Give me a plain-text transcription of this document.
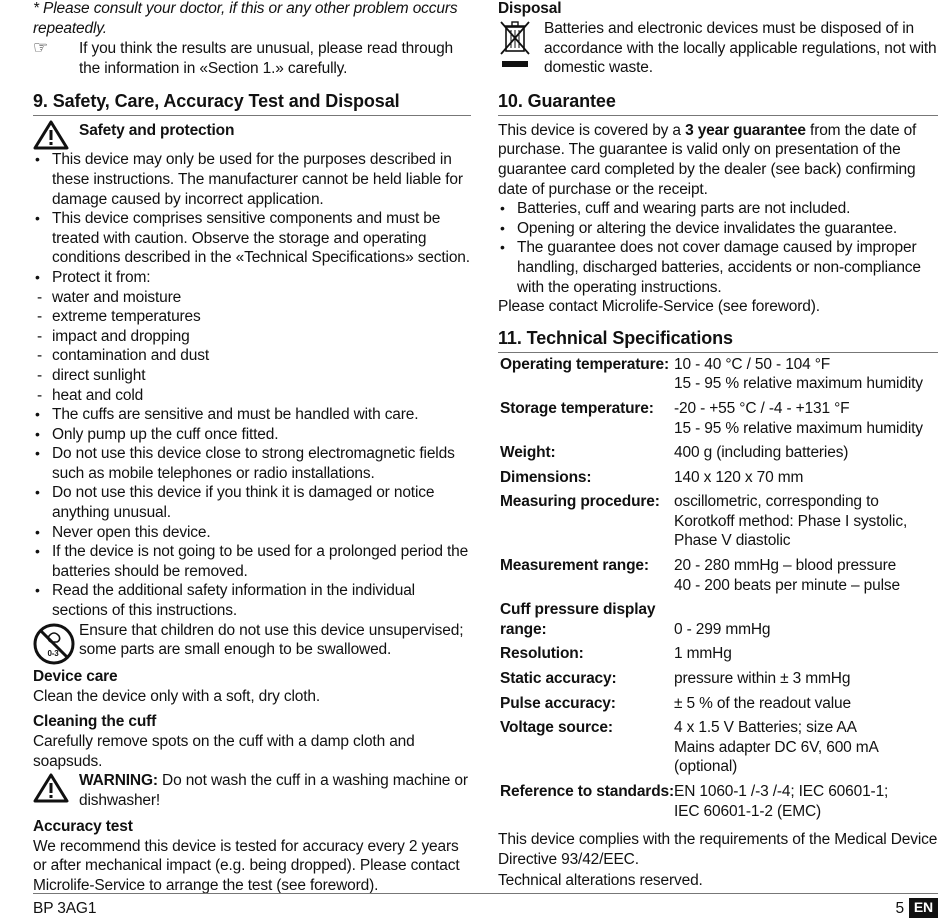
* Please consult your doctor, if this or any other problem occurs repeatedly.

☞ If you think the results are unusual, please read through the information in «Section 1.» carefully.
9. Safety, Care, Accuracy Test and Disposal
Safety and protection
• This device may only be used for the purposes described in these instructions. The manufacturer cannot be held liable for damage caused by incorrect application.
• This device comprises sensitive components and must be treated with caution. Observe the storage and operating conditions described in the «Technical Specifications» section.
• Protect it from:
- water and moisture
- extreme temperatures
- impact and dropping
- contamination and dust
- direct sunlight
- heat and cold
• The cuffs are sensitive and must be handled with care.
• Only pump up the cuff once fitted.
• Do not use this device close to strong electromagnetic fields such as mobile telephones or radio installations.
• Do not use this device if you think it is damaged or notice anything unusual.
• Never open this device.
• If the device is not going to be used for a prolonged period the batteries should be removed.
• Read the additional safety information in the individual sections of this instructions.
0-3
Ensure that children do not use this device unsupervised; some parts are small enough to be swallowed.
Device care

Clean the device only with a soft, dry cloth.

Cleaning the cuff

Carefully remove spots on the cuff with a damp cloth and soapsuds.

WARNING: Do not wash the cuff in a washing machine or dishwasher!
Accuracy test

We recommend this device is tested for accuracy every 2 years or after mechanical impact (e.g. being dropped). Please contact Microlife-Service to arrange the test (see foreword).

Disposal
Batteries and electronic devices must be disposed of in accordance with the locally applicable regulations, not with domestic waste.
10. Guarantee

This device is covered by a 3 year guarantee from the date of purchase. The guarantee is valid only on presentation of the guarantee card completed by the dealer (see back) confirming date of purchase or the receipt.

• Batteries, cuff and wearing parts are not included.
• Opening or altering the device invalidates the guarantee.
• The guarantee does not cover damage caused by improper handling, discharged batteries, accidents or non-compliance with the operating instructions.

Please contact Microlife-Service (see foreword).

11. Technical Specifications
Operating temperature:	10 - 40 °C / 50 - 104 °F
15 - 95 % relative maximum humidity

Storage temperature:	-20 - +55 °C / -4 - +131 °F
15 - 95 % relative maximum humidity

Weight:	400 g (including batteries)

Dimensions:	140 x 120 x 70 mm

Measuring procedure:	oscillometric, corresponding to Korotkoff method: Phase I systolic, Phase V diastolic

Measurement range:	20 - 280 mmHg – blood pressure
40 - 200 beats per minute – pulse

Cuff pressure display range:	0 - 299 mmHg

Resolution:	1 mmHg

Static accuracy:	pressure within ± 3 mmHg

Pulse accuracy:	± 5 % of the readout value

Voltage source:	4 x 1.5 V Batteries; size AA
Mains adapter DC 6V, 600 mA (optional)

Reference to standards:	EN 1060-1 /-3 /-4; IEC 60601-1;
IEC 60601-1-2 (EMC)

This device complies with the requirements of the Medical Device Directive 93/42/EEC.

Technical alterations reserved.

BP 3AG1	5 EN
